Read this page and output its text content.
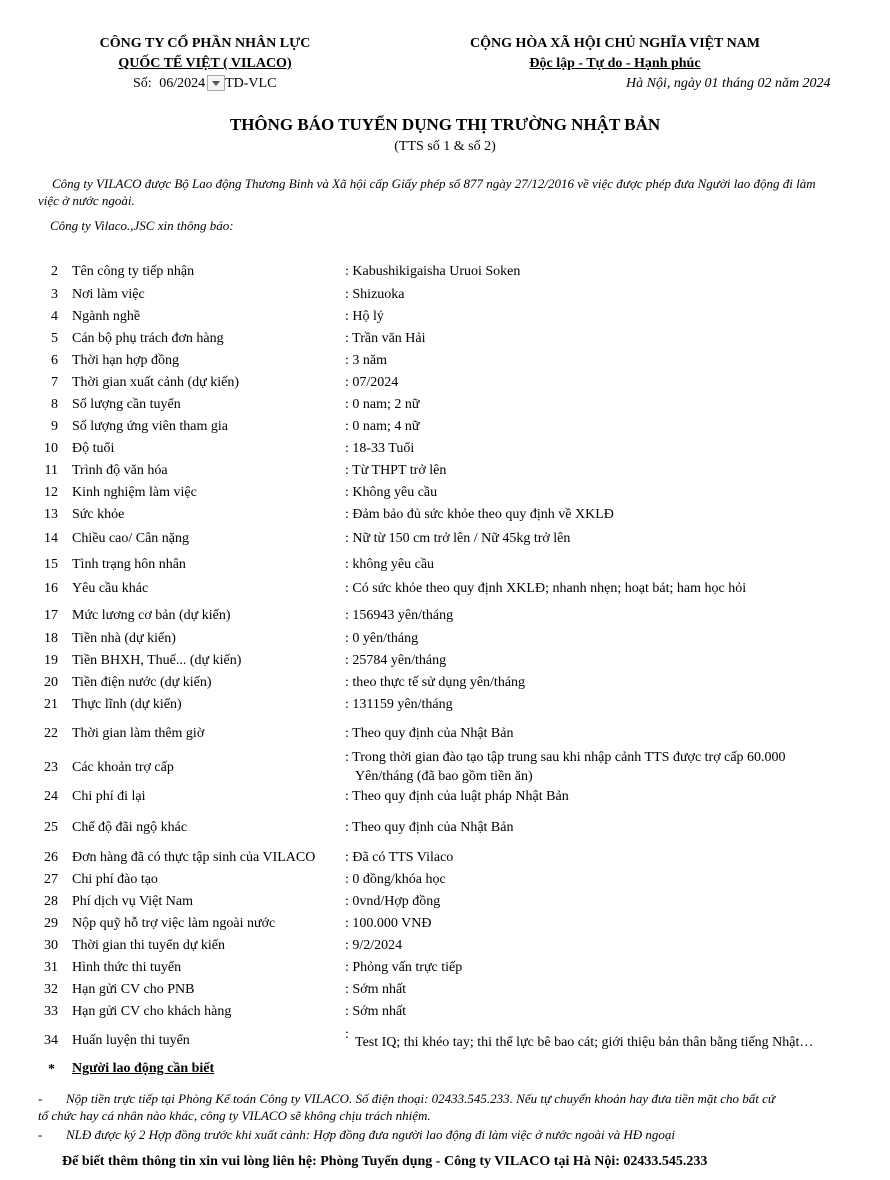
CÔNG TY CỔ PHẦN NHÂN LỰC
QUỐC TẾ VIỆT ( VILACO)
Số: 06/2024 TD-VLC
CỘNG HÒA XÃ HỘI CHỦ NGHĨA VIỆT NAM
Độc lập - Tự do - Hạnh phúc
Hà Nội, ngày 01 tháng 02 năm 2024
THÔNG BÁO TUYỂN DỤNG THỊ TRƯỜNG NHẬT BẢN
(TTS số 1 & số 2)
Công ty VILACO được Bộ Lao động Thương Binh và Xã hội cấp Giấy phép số 877 ngày 27/12/2016 về việc được phép đưa Người lao động đi làm
việc ở nước ngoài.
Công ty Vilaco.,JSC xin thông báo:
2 Tên công ty tiếp nhận	: Kabushikigaisha Uruoi Soken
3 Nơi làm việc	: Shizuoka
4 Ngành nghề	: Hộ lý
5 Cán bộ phụ trách đơn hàng	: Trần văn Hải
6 Thời hạn hợp đồng	: 3 năm
7 Thời gian xuất cảnh (dự kiến)	: 07/2024
8 Số lượng cần tuyển	: 0 nam; 2 nữ
9 Số lượng ứng viên tham gia	: 0 nam; 4 nữ
10 Độ tuổi	: 18-33 Tuổi
11 Trình độ văn hóa	: Từ THPT trở lên
12 Kinh nghiệm làm việc	: Không yêu cầu
13 Sức khỏe	: Đảm bảo đủ sức khỏe theo quy định về XKLĐ
14 Chiều cao/ Cân nặng	: Nữ từ 150 cm trở lên / Nữ 45kg trở lên
15 Tình trạng hôn nhân	: không yêu cầu
16 Yêu cầu khác	: Có sức khỏe theo quy định XKLĐ; nhanh nhẹn; hoạt bát; ham học hỏi
17 Mức lương cơ bản (dự kiến)	: 156943 yên/tháng
18 Tiền nhà (dự kiến)	: 0 yên/tháng
19 Tiền BHXH, Thuế... (dự kiến)	: 25784 yên/tháng
20 Tiền điện nước (dự kiến)	: theo thực tế sử dụng yên/tháng
21 Thực lĩnh (dự kiến)	: 131159 yên/tháng
22 Thời gian làm thêm giờ	: Theo quy định của Nhật Bản
23 Các khoản trợ cấp
: Trong thời gian đào tạo tập trung sau khi nhập cảnh TTS được trợ cấp 60.000
Yên/tháng (đã bao gồm tiền ăn)
24 Chi phí đi lại	: Theo quy định của luật pháp Nhật Bản
25 Chế độ đãi ngộ khác	: Theo quy định của Nhật Bản
26 Đơn hàng đã có thực tập sinh của VILACO : Đã có TTS Vilaco
27 Chi phí đào tạo	: 0 đồng/khóa học
28 Phí dịch vụ Việt Nam	: 0vnd/Hợp đồng
29 Nộp quỹ hỗ trợ việc làm ngoài nước	: 100.000 VNĐ
30 Thời gian thi tuyển dự kiến	: 9/2/2024
31 Hình thức thi tuyển	: Phỏng vấn trực tiếp
32 Hạn gửi CV cho PNB	: Sớm nhất
33 Hạn gửi CV cho khách hàng	: Sớm nhất
34 Huấn luyện thi tuyển	Test IQ; thi khéo tay; thi thể lực bê bao cát; giới thiệu bản thân bằng tiếng Nhật…
:
* Người lao động cần biết
- Nộp tiền trực tiếp tại Phòng Kế toán Công ty VILACO. Số điện thoại: 02433.545.233. Nếu tự chuyển khoản hay đưa tiền mặt cho bất cứ
tổ chức hay cá nhân nào khác, công ty VILACO sẽ không chịu trách nhiệm.
- NLĐ được ký 2 Hợp đồng trước khi xuất cảnh: Hợp đồng đưa người lao động đi làm việc ở nước ngoài và HĐ ngoại
Để biết thêm thông tin xin vui lòng liên hệ: Phòng Tuyển dụng - Công ty VILACO tại Hà Nội: 02433.545.233
